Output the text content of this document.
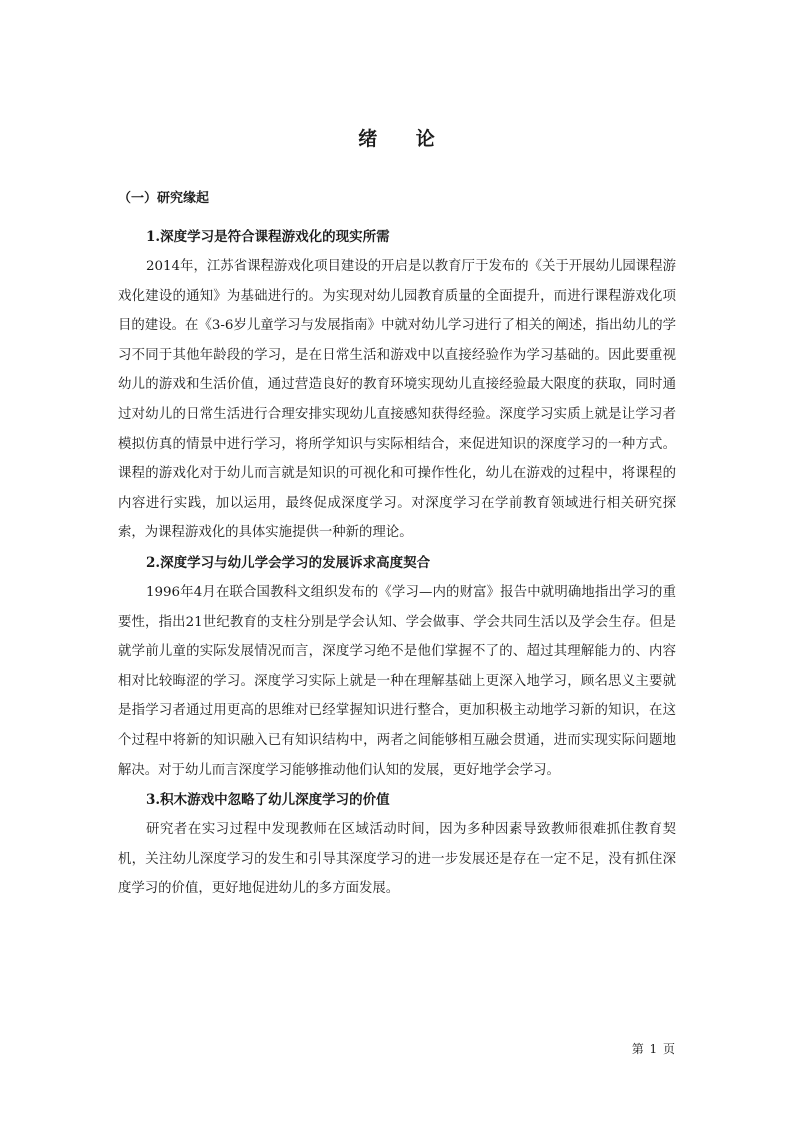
绪 论
（一）研究缘起
1.深度学习是符合课程游戏化的现实所需

2014年，江苏省课程游戏化项目建设的开启是以教育厅于发布的《关于开展幼儿园课程游戏化建设的通知》为基础进行的。为实现对幼儿园教育质量的全面提升，而进行课程游戏化项目的建设。在《3-6岁儿童学习与发展指南》中就对幼儿学习进行了相关的阐述，指出幼儿的学习不同于其他年龄段的学习，是在日常生活和游戏中以直接经验作为学习基础的。因此要重视幼儿的游戏和生活价值，通过营造良好的教育环境实现幼儿直接经验最大限度的获取，同时通过对幼儿的日常生活进行合理安排实现幼儿直接感知获得经验。深度学习实质上就是让学习者模拟仿真的情景中进行学习，将所学知识与实际相结合，来促进知识的深度学习的一种方式。课程的游戏化对于幼儿而言就是知识的可视化和可操作性化，幼儿在游戏的过程中，将课程的内容进行实践，加以运用，最终促成深度学习。对深度学习在学前教育领域进行相关研究探索，为课程游戏化的具体实施提供一种新的理论。

2.深度学习与幼儿学会学习的发展诉求高度契合

1996年4月在联合国教科文组织发布的《学习—内的财富》报告中就明确地指出学习的重要性，指出21世纪教育的支柱分别是学会认知、学会做事、学会共同生活以及学会生存。但是就学前儿童的实际发展情况而言，深度学习绝不是他们掌握不了的、超过其理解能力的、内容相对比较晦涩的学习。深度学习实际上就是一种在理解基础上更深入地学习，顾名思义主要就是指学习者通过用更高的思维对已经掌握知识进行整合，更加积极主动地学习新的知识，在这个过程中将新的知识融入已有知识结构中，两者之间能够相互融会贯通，进而实现实际问题地解决。对于幼儿而言深度学习能够推动他们认知的发展，更好地学会学习。

3.积木游戏中忽略了幼儿深度学习的价值

研究者在实习过程中发现教师在区域活动时间，因为多种因素导致教师很难抓住教育契机，关注幼儿深度学习的发生和引导其深度学习的进一步发展还是存在一定不足，没有抓住深度学习的价值，更好地促进幼儿的多方面发展。

第 1 页
